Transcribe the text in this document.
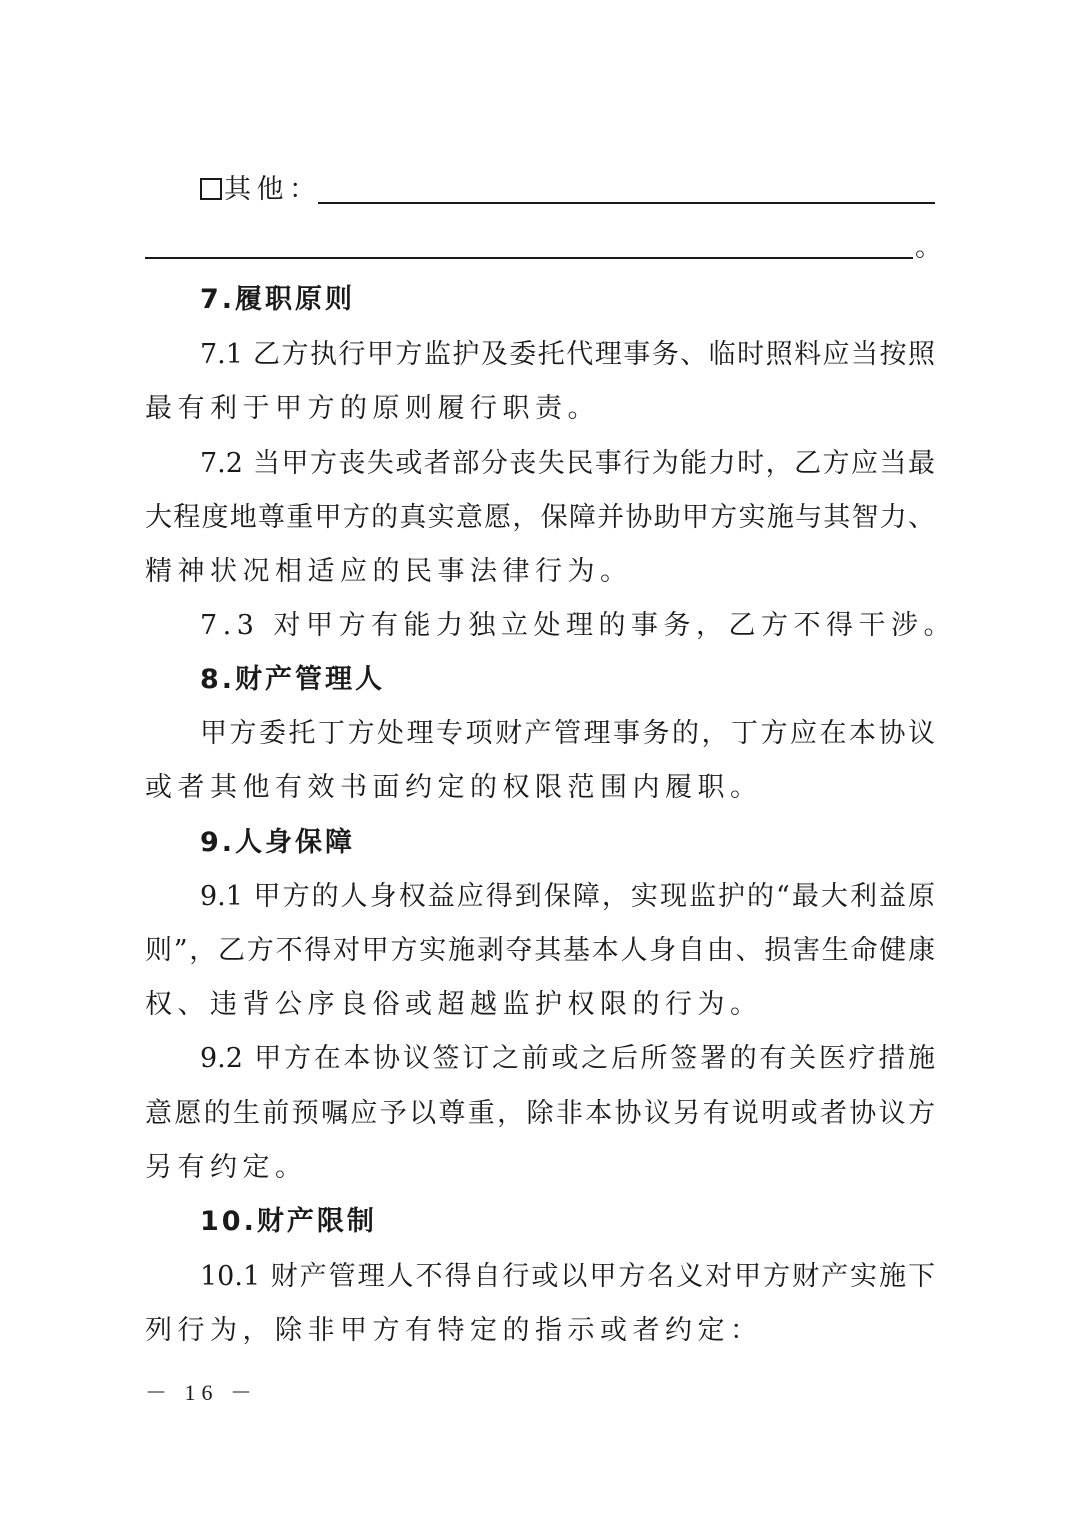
其他：
。
7.履职原则
7.1 乙方执行甲方监护及委托代理事务、临时照料应当按照
最有利于甲方的原则履行职责。
7.2 当甲方丧失或者部分丧失民事行为能力时，乙方应当最
大程度地尊重甲方的真实意愿，保障并协助甲方实施与其智力、
精神状况相适应的民事法律行为。
7.3 对甲方有能力独立处理的事务，乙方不得干涉。
8.财产管理人
甲方委托丁方处理专项财产管理事务的，丁方应在本协议
或者其他有效书面约定的权限范围内履职。
9.人身保障
9.1 甲方的人身权益应得到保障，实现监护的“最大利益原
则”，乙方不得对甲方实施剥夺其基本人身自由、损害生命健康
权、违背公序良俗或超越监护权限的行为。
9.2 甲方在本协议签订之前或之后所签署的有关医疗措施
意愿的生前预嘱应予以尊重，除非本协议另有说明或者协议方
另有约定。
10.财产限制
10.1 财产管理人不得自行或以甲方名义对甲方财产实施下
列行为，除非甲方有特定的指示或者约定：
－ 16 －
